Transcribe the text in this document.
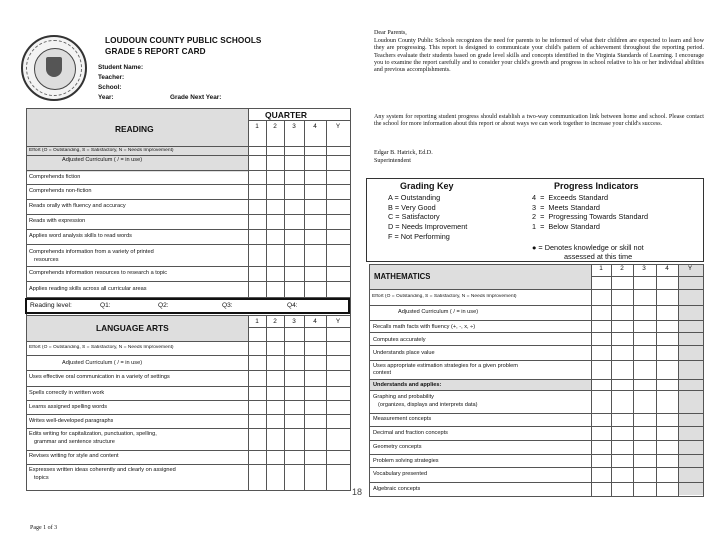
LOUDOUN COUNTY PUBLIC SCHOOLS
GRADE 5 REPORT CARD
Student Name:
Teacher:
School:
Year:	Grade Next Year:
QUARTER
READING	1	2	3	4	Y
Effort (O = Outstanding, S = Satisfactory, N = Needs Improvement)
Adjusted Curriculum ( / = in use)
Comprehends fiction
Comprehends non-fiction
Reads orally with fluency and accuracy
Reads with expression
Applies word analysis skills to read words
Comprehends information from a variety of printed
resources
Comprehends information resources to research a topic
Applies reading skills across all curricular areas
Reading level:	Q1:	Q2:	Q3:	Q4:
LANGUAGE ARTS
1	2	3	4	Y
Effort (O = Outstanding, S = Satisfactory, N = Needs Improvement)
Adjusted Curriculum ( / = in use)
Uses effective oral communication in a variety of settings
Spells correctly in written work
Learns assigned spelling words
Writes well-developed paragraphs
Edits writing for capitalization, punctuation, spelling,
grammar and sentence structure
Revises writing for style and content
Expresses written ideas coherently and clearly on assigned
topics
Page 1 of 3
18
Dear Parents,
Loudoun County Public Schools recognizes the need for parents to be informed of what their children are expected to learn and how they are progressing. This report is designed to communicate your child's pattern of achievement throughout the reporting period. Teachers evaluate their students based on grade level skills and concepts identified in the Virginia Standards of Learning. I encourage you to examine the report carefully and to consider your child's growth and progress in school relative to his or her individual abilities and previous accomplishments.
Any system for reporting student progress should establish a two-way communication link between home and school. Please contact the school for more information about this report or about ways we can work together to increase your child's success.
Edgar B. Hatrick, Ed.D.
Superintendent
Grading Key	Progress Indicators
A = Outstanding
B = Very Good
C = Satisfactory
D = Needs Improvement
F = Not Performing
4  =  Exceeds Standard
3  =  Meets Standard
2  =  Progressing Towards Standard
1  =  Below Standard
● = Denotes knowledge or skill not
assessed at this time
MATHEMATICS
1	2	3	4	Y
Effort (O = Outstanding, S = Satisfactory, N = Needs Improvement)
Adjusted Curriculum ( / = in use)
Recalls math facts with fluency (+, -, x, ÷)
Computes accurately
Understands place value
Uses appropriate estimation strategies for a given problem
context
Understands and applies:
Graphing and probability
(organizes, displays and interprets data)
Measurement concepts
Decimal and fraction concepts
Geometry concepts
Problem solving strategies
Vocabulary presented
Algebraic concepts
